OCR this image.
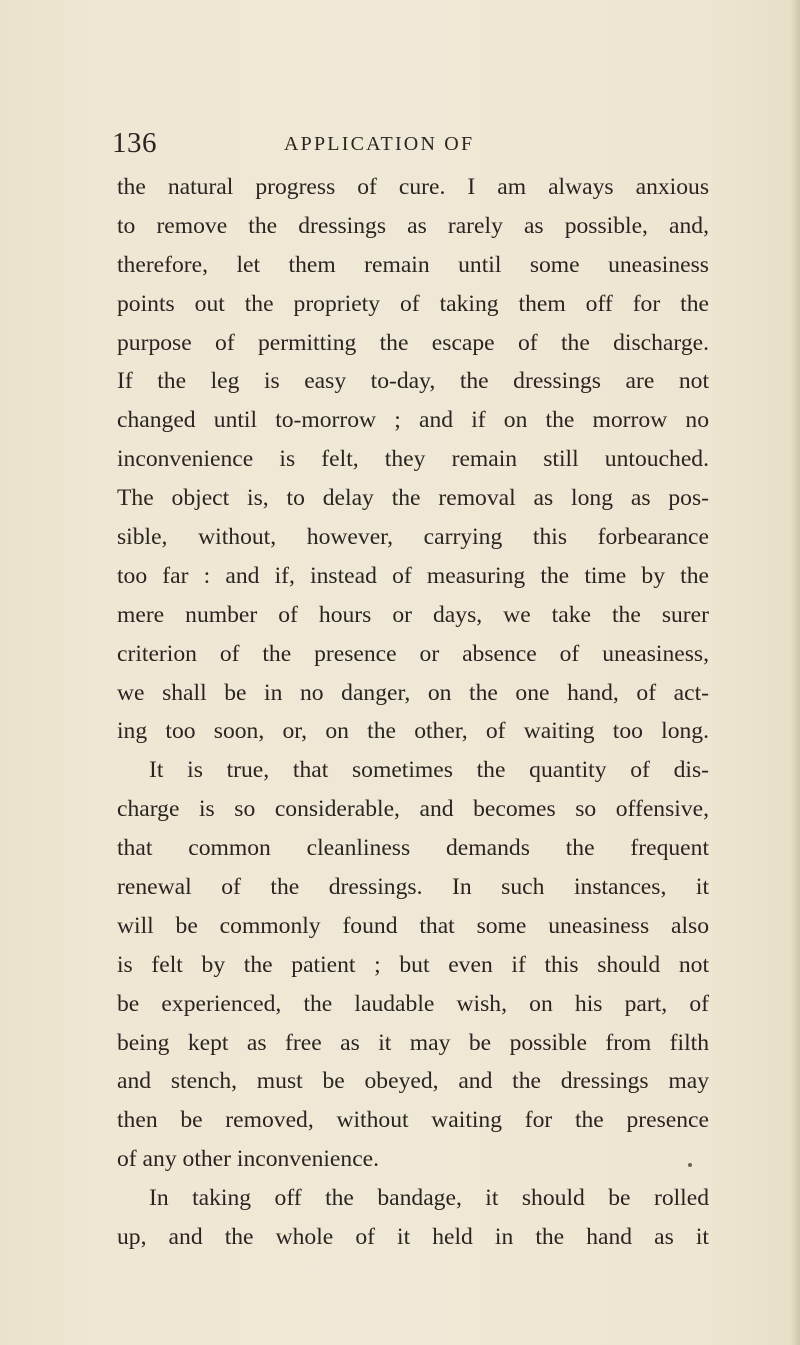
136	APPLICATION OF
the natural progress of cure. I am always anxious
to remove the dressings as rarely as possible, and,
therefore, let them remain until some uneasiness
points out the propriety of taking them off for the
purpose of permitting the escape of the discharge.
If the leg is easy to-day, the dressings are not
changed until to-morrow ; and if on the morrow no
inconvenience is felt, they remain still untouched.
The object is, to delay the removal as long as pos-
sible, without, however, carrying this forbearance
too far : and if, instead of measuring the time by the
mere number of hours or days, we take the surer
criterion of the presence or absence of uneasiness,
we shall be in no danger, on the one hand, of act-
ing too soon, or, on the other, of waiting too long.
It is true, that sometimes the quantity of dis-
charge is so considerable, and becomes so offensive,
that common cleanliness demands the frequent
renewal of the dressings. In such instances, it
will be commonly found that some uneasiness also
is felt by the patient ; but even if this should not
be experienced, the laudable wish, on his part, of
being kept as free as it may be possible from filth
and stench, must be obeyed, and the dressings may
then be removed, without waiting for the presence
of any other inconvenience.
In taking off the bandage, it should be rolled
up, and the whole of it held in the hand as it
